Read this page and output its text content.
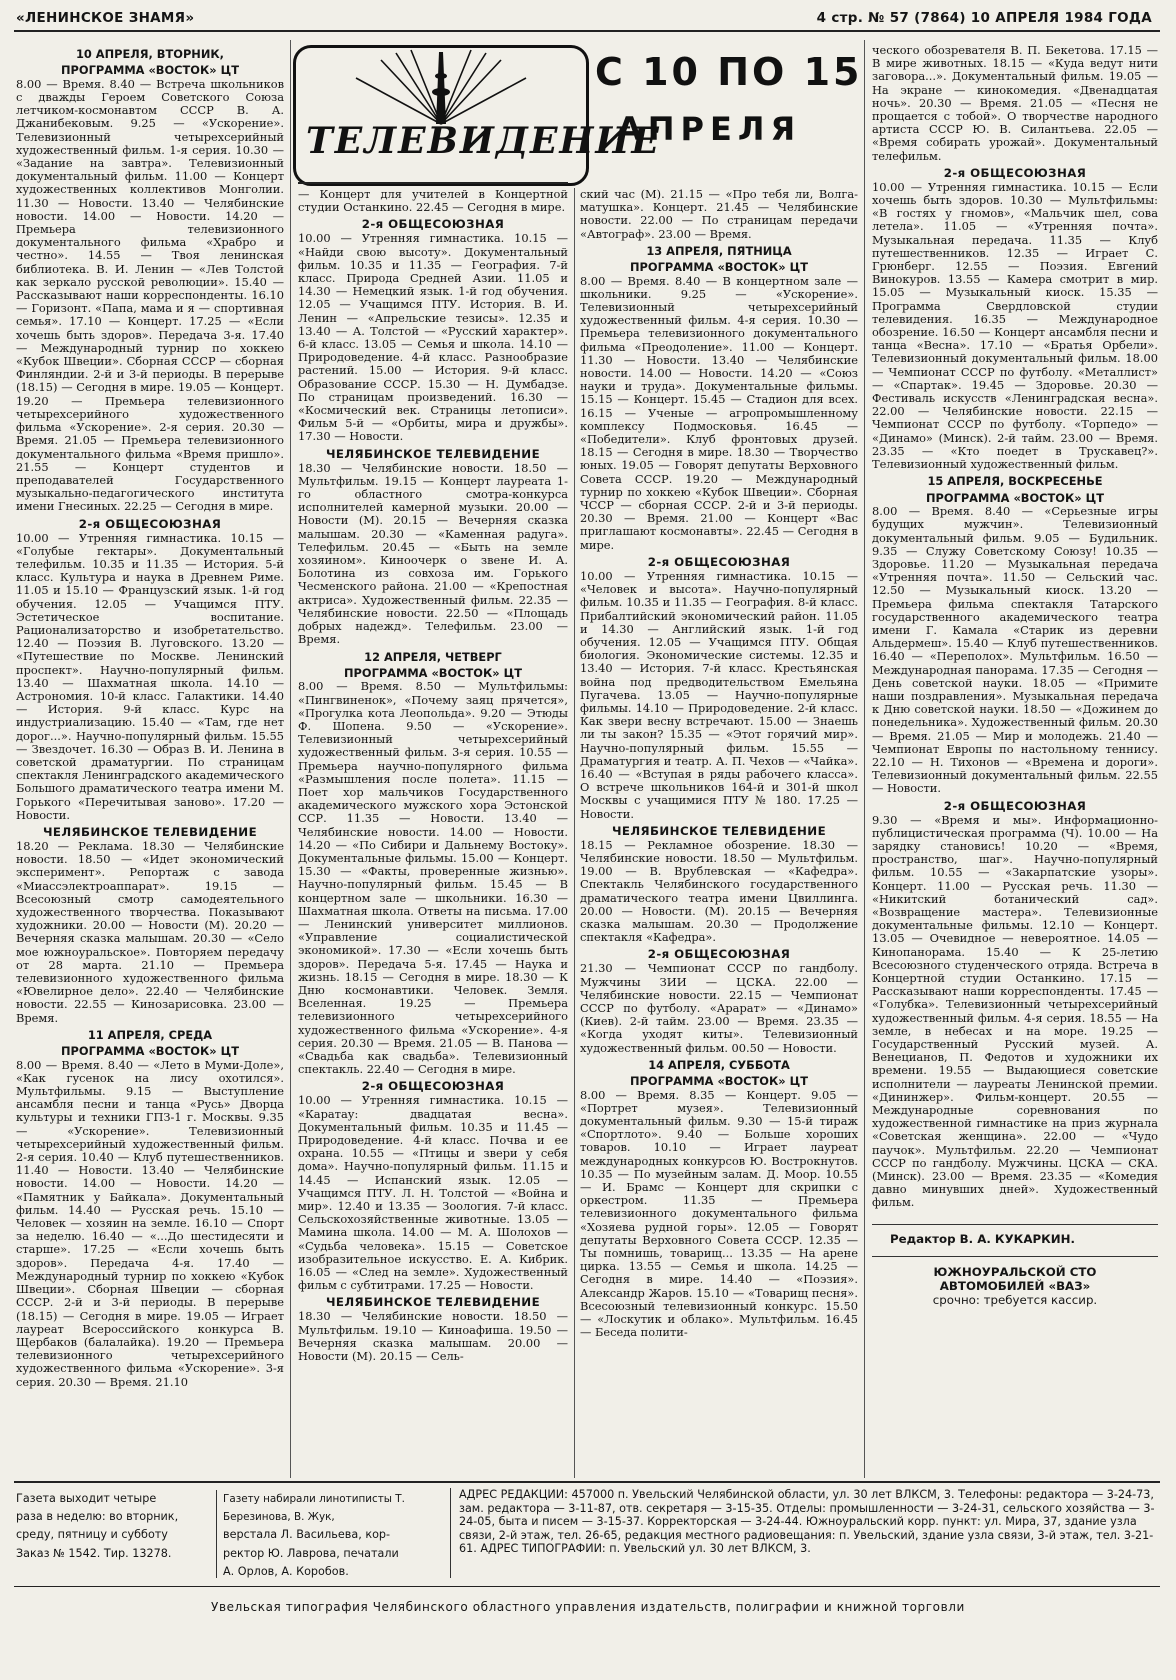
«ЛЕНИНСКОЕ ЗНАМЯ»	4 стр. № 57 (7864) 10 АПРЕЛЯ 1984 ГОДА
ТЕЛЕВИДЕНИЕ
С 10 ПО 15
АПРЕЛЯ
10 АПРЕЛЯ, ВТОРНИК,
ПРОГРАММА «ВОСТОК» ЦТ

8.00 — Время. 8.40 — Встреча школьников с дважды Героем Советского Союза летчиком-космонавтом СССР В. А. Джанибековым. 9.25 — «Ускорение». Телевизионный четырехсерийный художественный фильм. 1-я серия. 10.30 — «Задание на завтра». Телевизионный документальный фильм. 11.00 — Концерт художественных коллективов Монголии. 11.30 — Новости. 13.40 — Челябинские новости. 14.00 — Новости. 14.20 — Премьера телевизионного документального фильма «Храбро и честно». 14.55 — Твоя ленинская библиотека. В. И. Ленин — «Лев Толстой как зеркало русской революции». 15.40 — Рассказывают наши корреспонденты. 16.10 — Горизонт. «Папа, мама и я — спортивная семья». 17.10 — Концерт. 17.25 — «Если хочешь быть здоров». Передача 3-я. 17.40 — Международный турнир по хоккею «Кубок Швеции». Сборная СССР — сборная Финляндии. 2-й и 3-й периоды. В перерыве (18.15) — Сегодня в мире. 19.05 — Концерт. 19.20 — Премьера телевизионного четырехсерийного художественного фильма «Ускорение». 2-я серия. 20.30 — Время. 21.05 — Премьера телевизионного документального фильма «Время пришло». 21.55 — Концерт студентов и преподавателей Государственного музыкально-педагогического института имени Гнесиных. 22.25 — Сегодня в мире.

2-я ОБЩЕСОЮЗНАЯ

10.00 — Утренняя гимнастика. 10.15 — «Голубые гектары». Документальный телефильм. 10.35 и 11.35 — История. 5-й класс. Культура и наука в Древнем Риме. 11.05 и 15.10 — Французский язык. 1-й год обучения. 12.05 — Учащимся ПТУ. Эстетическое воспитание. Рационализаторство и изобретательство. 12.40 — Поэзия В. Луговского. 13.20 — «Путешествие по Москве. Ленинский проспект». Научно-популярный фильм. 13.40 — Шахматная школа. 14.10 — Астрономия. 10-й класс. Галактики. 14.40 — История. 9-й класс. Курс на индустриализацию. 15.40 — «Там, где нет дорог...». Научно-популярный фильм. 15.55 — Звездочет. 16.30 — Образ В. И. Ленина в советской драматургии. По страницам спектакля Ленинградского академического Большого драматического театра имени М. Горького «Перечитывая заново». 17.20 — Новости.

ЧЕЛЯБИНСКОЕ ТЕЛЕВИДЕНИЕ

18.20 — Реклама. 18.30 — Челябинские новости. 18.50 — «Идет экономический эксперимент». Репортаж с завода «Миассэлектроаппарат». 19.15 — Всесоюзный смотр самодеятельного художественного творчества. Показывают художники. 20.00 — Новости (М). 20.20 — Вечерняя сказка малышам. 20.30 — «Село мое южноуральское». Повторяем передачу от 28 марта. 21.10 — Премьера телевизионного художественного фильма «Ювелирное дело». 22.40 — Челябинские новости. 22.55 — Кинозарисовка. 23.00 — Время.

11 АПРЕЛЯ, СРЕДА
ПРОГРАММА «ВОСТОК» ЦТ

8.00 — Время. 8.40 — «Лето в Муми-Доле», «Как гусенок на лису охотился». Мультфильмы. 9.15 — Выступление ансамбля песни и танца «Русь» Дворца культуры и техники ГПЗ-1 г. Москвы. 9.35 — «Ускорение». Телевизионный четырехсерийный художественный фильм. 2-я серия. 10.40 — Клуб путешественников. 11.40 — Новости. 13.40 — Челябинские новости. 14.00 — Новости. 14.20 — «Памятник у Байкала». Документальный фильм. 14.40 — Русская речь. 15.10 — Человек — хозяин на земле. 16.10 — Спорт за неделю. 16.40 — «...До шестидесяти и старше». 17.25 — «Если хочешь быть здоров». Передача 4-я. 17.40 — Международный турнир по хоккею «Кубок Швеции». Сборная Швеции — сборная СССР. 2-й и 3-й периоды. В перерыве (18.15) — Сегодня в мире. 19.05 — Играет лауреат Всероссийского конкурса В. Щербаков (балалайка). 19.20 — Премьера телевизионного четырехсерийного художественного фильма «Ускорение». 3-я серия. 20.30 — Время. 21.10

— Концерт для учителей в Концертной студии Останкино. 22.45 — Сегодня в мире.

2-я ОБЩЕСОЮЗНАЯ

10.00 — Утренняя гимнастика. 10.15 — «Найди свою высоту». Документальный фильм. 10.35 и 11.35 — География. 7-й класс. Природа Средней Азии. 11.05 и 14.30 — Немецкий язык. 1-й год обучения. 12.05 — Учащимся ПТУ. История. В. И. Ленин — «Апрельские тезисы». 12.35 и 13.40 — А. Толстой — «Русский характер». 6-й класс. 13.05 — Семья и школа. 14.10 — Природоведение. 4-й класс. Разнообразие растений. 15.00 — История. 9-й класс. Образование СССР. 15.30 — Н. Думбадзе. По страницам произведений. 16.30 — «Космический век. Страницы летописи». Фильм 5-й — «Орбиты, мира и дружбы». 17.30 — Новости.

ЧЕЛЯБИНСКОЕ ТЕЛЕВИДЕНИЕ

18.30 — Челябинские новости. 18.50 — Мультфильм. 19.15 — Концерт лауреата 1-го областного смотра-конкурса исполнителей камерной музыки. 20.00 — Новости (М). 20.15 — Вечерняя сказка малышам. 20.30 — «Каменная радуга». Телефильм. 20.45 — «Быть на земле хозяином». Киноочерк о звене И. А. Болотина из совхоза им. Горького Чесменского района. 21.00 — «Крепостная актриса». Художественный фильм. 22.35 — Челябинские новости. 22.50 — «Площадь добрых надежд». Телефильм. 23.00 — Время.

12 АПРЕЛЯ, ЧЕТВЕРГ
ПРОГРАММА «ВОСТОК» ЦТ

8.00 — Время. 8.50 — Мультфильмы: «Пингвиненок», «Почему заяц прячется», «Прогулка кота Леопольда». 9.20 — Этюды Ф. Шопена. 9.50 — «Ускорение». Телевизионный четырехсерийный художественный фильм. 3-я серия. 10.55 — Премьера научно-популярного фильма «Размышления после полета». 11.15 — Поет хор мальчиков Государственного академического мужского хора Эстонской ССР. 11.35 — Новости. 13.40 — Челябинские новости. 14.00 — Новости. 14.20 — «По Сибири и Дальнему Востоку». Документальные фильмы. 15.00 — Концерт. 15.30 — «Факты, проверенные жизнью». Научно-популярный фильм. 15.45 — В концертном зале — школьники. 16.30 — Шахматная школа. Ответы на письма. 17.00 — Ленинский университет миллионов. «Управление социалистической экономикой». 17.30 — «Если хочешь быть здоров». Передача 5-я. 17.45 — Наука и жизнь. 18.15 — Сегодня в мире. 18.30 — К Дню космонавтики. Человек. Земля. Вселенная. 19.25 — Премьера телевизионного четырехсерийного художественного фильма «Ускорение». 4-я серия. 20.30 — Время. 21.05 — В. Панова — «Свадьба как свадьба». Телевизионный спектакль. 22.40 — Сегодня в мире.

2-я ОБЩЕСОЮЗНАЯ

10.00 — Утренняя гимнастика. 10.15 — «Каратау: двадцатая весна». Документальный фильм. 10.35 и 11.45 — Природоведение. 4-й класс. Почва и ее охрана. 10.55 — «Птицы и звери у себя дома». Научно-популярный фильм. 11.15 и 14.45 — Испанский язык. 12.05 — Учащимся ПТУ. Л. Н. Толстой — «Война и мир». 12.40 и 13.35 — Зоология. 7-й класс. Сельскохозяйственные животные. 13.05 — Мамина школа. 14.00 — М. А. Шолохов — «Судьба человека». 15.15 — Советское изобразительное искусство. Е. А. Кибрик. 16.05 — «След на земле». Художественный фильм с субтитрами. 17.25 — Новости.

ЧЕЛЯБИНСКОЕ ТЕЛЕВИДЕНИЕ

18.30 — Челябинские новости. 18.50 — Мультфильм. 19.10 — Киноафиша. 19.50 — Вечерняя сказка малышам. 20.00 — Новости (М). 20.15 — Сель-

ский час (М). 21.15 — «Про тебя ли, Волга-матушка». Концерт. 21.45 — Челябинские новости. 22.00 — По страницам передачи «Автограф». 23.00 — Время.

13 АПРЕЛЯ, ПЯТНИЦА
ПРОГРАММА «ВОСТОК» ЦТ

8.00 — Время. 8.40 — В концертном зале — школьники. 9.25 — «Ускорение». Телевизионный четырехсерийный художественный фильм. 4-я серия. 10.30 — Премьера телевизионного документального фильма «Преодоление». 11.00 — Концерт. 11.30 — Новости. 13.40 — Челябинские новости. 14.00 — Новости. 14.20 — «Союз науки и труда». Документальные фильмы. 15.15 — Концерт. 15.45 — Стадион для всех. 16.15 — Ученые — агропромышленному комплексу Подмосковья. 16.45 — «Победители». Клуб фронтовых друзей. 18.15 — Сегодня в мире. 18.30 — Творчество юных. 19.05 — Говорят депутаты Верховного Совета СССР. 19.20 — Международный турнир по хоккею «Кубок Швеции». Сборная ЧССР — сборная СССР. 2-й и 3-й периоды. 20.30 — Время. 21.00 — Концерт «Вас приглашают космонавты». 22.45 — Сегодня в мире.

2-я ОБЩЕСОЮЗНАЯ

10.00 — Утренняя гимнастика. 10.15 — «Человек и высота». Научно-популярный фильм. 10.35 и 11.35 — География. 8-й класс. Прибалтийский экономический район. 11.05 и 14.30 — Английский язык. 1-й год обучения. 12.05 — Учащимся ПТУ. Общая биология. Экономические системы. 12.35 и 13.40 — История. 7-й класс. Крестьянская война под предводительством Емельяна Пугачева. 13.05 — Научно-популярные фильмы. 14.10 — Природоведение. 2-й класс. Как звери весну встречают. 15.00 — Знаешь ли ты закон? 15.35 — «Этот горячий мир». Научно-популярный фильм. 15.55 — Драматургия и театр. А. П. Чехов — «Чайка». 16.40 — «Вступая в ряды рабочего класса». О встрече школьников 164-й и 301-й школ Москвы с учащимися ПТУ № 180. 17.25 — Новости.

ЧЕЛЯБИНСКОЕ ТЕЛЕВИДЕНИЕ

18.15 — Рекламное обозрение. 18.30 — Челябинские новости. 18.50 — Мультфильм. 19.00 — В. Врублевская — «Кафедра». Спектакль Челябинского государственного драматического театра имени Цвиллинга. 20.00 — Новости. (М). 20.15 — Вечерняя сказка малышам. 20.30 — Продолжение спектакля «Кафедра».

2-я ОБЩЕСОЮЗНАЯ

21.30 — Чемпионат СССР по гандболу. Мужчины ЗИИ — ЦСКА. 22.00 — Челябинские новости. 22.15 — Чемпионат СССР по футболу. «Арарат» — «Динамо» (Киев). 2-й тайм. 23.00 — Время. 23.35 — «Когда уходят киты». Телевизионный художественный фильм. 00.50 — Новости.

14 АПРЕЛЯ, СУББОТА
ПРОГРАММА «ВОСТОК» ЦТ

8.00 — Время. 8.35 — Концерт. 9.05 — «Портрет музея». Телевизионный документальный фильм. 9.30 — 15-й тираж «Спортлото». 9.40 — Больше хороших товаров. 10.10 — Играет лауреат международных конкурсов Ю. Вострокнутов. 10.35 — По музейным залам. Д. Моор. 10.55 — И. Брамс — Концерт для скрипки с оркестром. 11.35 — Премьера телевизионного документального фильма «Хозяева рудной горы». 12.05 — Говорят депутаты Верховного Совета СССР. 12.35 — Ты помнишь, товарищ... 13.35 — На арене цирка. 13.55 — Семья и школа. 14.25 — Сегодня в мире. 14.40 — «Поэзия». Александр Жаров. 15.10 — «Товарищ песня». Всесоюзный телевизионный конкурс. 15.50 — «Лоскутик и облако». Мультфильм. 16.45 — Беседа полити-

ческого обозревателя В. П. Бекетова. 17.15 — В мире животных. 18.15 — «Куда ведут нити заговора...». Документальный фильм. 19.05 — На экране — кинокомедия. «Двенадцатая ночь». 20.30 — Время. 21.05 — «Песня не прощается с тобой». О творчестве народного артиста СССР Ю. В. Силантьева. 22.05 — «Время собирать урожай». Документальный телефильм.

2-я ОБЩЕСОЮЗНАЯ

10.00 — Утренняя гимнастика. 10.15 — Если хочешь быть здоров. 10.30 — Мультфильмы: «В гостях у гномов», «Мальчик шел, сова летела». 11.05 — «Утренняя почта». Музыкальная передача. 11.35 — Клуб путешественников. 12.35 — Играет С. Грюнберг. 12.55 — Поэзия. Евгений Винокуров. 13.55 — Камера смотрит в мир. 15.05 — Музыкальный киоск. 15.35 — Программа Свердловской студии телевидения. 16.35 — Международное обозрение. 16.50 — Концерт ансамбля песни и танца «Весна». 17.10 — «Братья Орбели». Телевизионный документальный фильм. 18.00 — Чемпионат СССР по футболу. «Металлист» — «Спартак». 19.45 — Здоровье. 20.30 — Фестиваль искусств «Ленинградская весна». 22.00 — Челябинские новости. 22.15 — Чемпионат СССР по футболу. «Торпедо» — «Динамо» (Минск). 2-й тайм. 23.00 — Время. 23.35 — «Кто поедет в Трускавец?». Телевизионный художественный фильм.

15 АПРЕЛЯ, ВОСКРЕСЕНЬЕ
ПРОГРАММА «ВОСТОК» ЦТ

8.00 — Время. 8.40 — «Серьезные игры будущих мужчин». Телевизионный документальный фильм. 9.05 — Будильник. 9.35 — Служу Советскому Союзу! 10.35 — Здоровье. 11.20 — Музыкальная передача «Утренняя почта». 11.50 — Сельский час. 12.50 — Музыкальный киоск. 13.20 — Премьера фильма спектакля Татарского государственного академического театра имени Г. Камала «Старик из деревни Альдермеш». 15.40 — Клуб путешественников. 16.40 — «Переполох». Мультфильм. 16.50 — Международная панорама. 17.35 — Сегодня — День советской науки. 18.05 — «Примите наши поздравления». Музыкальная передача к Дню советской науки. 18.50 — «Дожинем до понедельника». Художественный фильм. 20.30 — Время. 21.05 — Мир и молодежь. 21.40 — Чемпионат Европы по настольному теннису. 22.10 — Н. Тихонов — «Времена и дороги». Телевизионный документальный фильм. 22.55 — Новости.

2-я ОБЩЕСОЮЗНАЯ

9.30 — «Время и мы». Информационно-публицистическая программа (Ч). 10.00 — На зарядку становись! 10.20 — «Время, пространство, шаг». Научно-популярный фильм. 10.55 — «Закарпатские узоры». Концерт. 11.00 — Русская речь. 11.30 — «Никитский ботанический сад». «Возвращение мастера». Телевизионные документальные фильмы. 12.10 — Концерт. 13.05 — Очевидное — невероятное. 14.05 — Кинопанорама. 15.40 — К 25-летию Всесоюзного студенческого отряда. Встреча в Концертной студии Останкино. 17.15 — Рассказывают наши корреспонденты. 17.45 — «Голубка». Телевизионный четырехсерийный художественный фильм. 4-я серия. 18.55 — На земле, в небесах и на море. 19.25 — Государственный Русский музей. А. Венецианов, П. Федотов и художники их времени. 19.55 — Выдающиеся советские исполнители — лауреаты Ленинской премии. «Дининжер». Фильм-концерт. 20.55 — Международные соревнования по художественной гимнастике на приз журнала «Советская женщина». 22.00 — «Чудо паучок». Мультфильм. 22.20 — Чемпионат СССР по гандболу. Мужчины. ЦСКА — СКА. (Минск). 23.00 — Время. 23.35 — «Комедия давно минувших дней». Художественный фильм.

Редактор В. А. КУКАРКИН.
ЮЖНОУРАЛЬСКОЙ СТО
АВТОМОБИЛЕЙ «ВАЗ»
срочно: требуется кассир.
Газета выходит четыре
раза в неделю: во вторник,
среду, пятницу и субботу
Заказ № 1542. Тир. 13278.
Газету набирали линотиписты Т. Березинова, В. Жук,
верстала Л. Васильева, кор-
ректор Ю. Лаврова, печатали
А. Орлов, А. Коробов.
АДРЕС РЕДАКЦИИ: 457000 п. Увельский Челябинской области, ул. 30 лет ВЛКСМ, 3. Телефоны: редактора — 3-24-73, зам. редактора — 3-11-87, отв. секретаря — 3-15-35. Отделы: промышленности — 3-24-31, сельского хозяйства — 3-24-05, быта и писем — 3-15-37. Корректорская — 3-24-44. Южноуральский корр. пункт: ул. Мира, 37, здание узла связи, 2-й этаж, тел. 26-65, редакция местного радиовещания: п. Увельский, здание узла связи, 3-й этаж, тел. 3-21-61. АДРЕС ТИПОГРАФИИ: п. Увельский ул. 30 лет ВЛКСМ, 3.
Увельская типография Челябинского областного управления издательств, полиграфии и книжной торговли
